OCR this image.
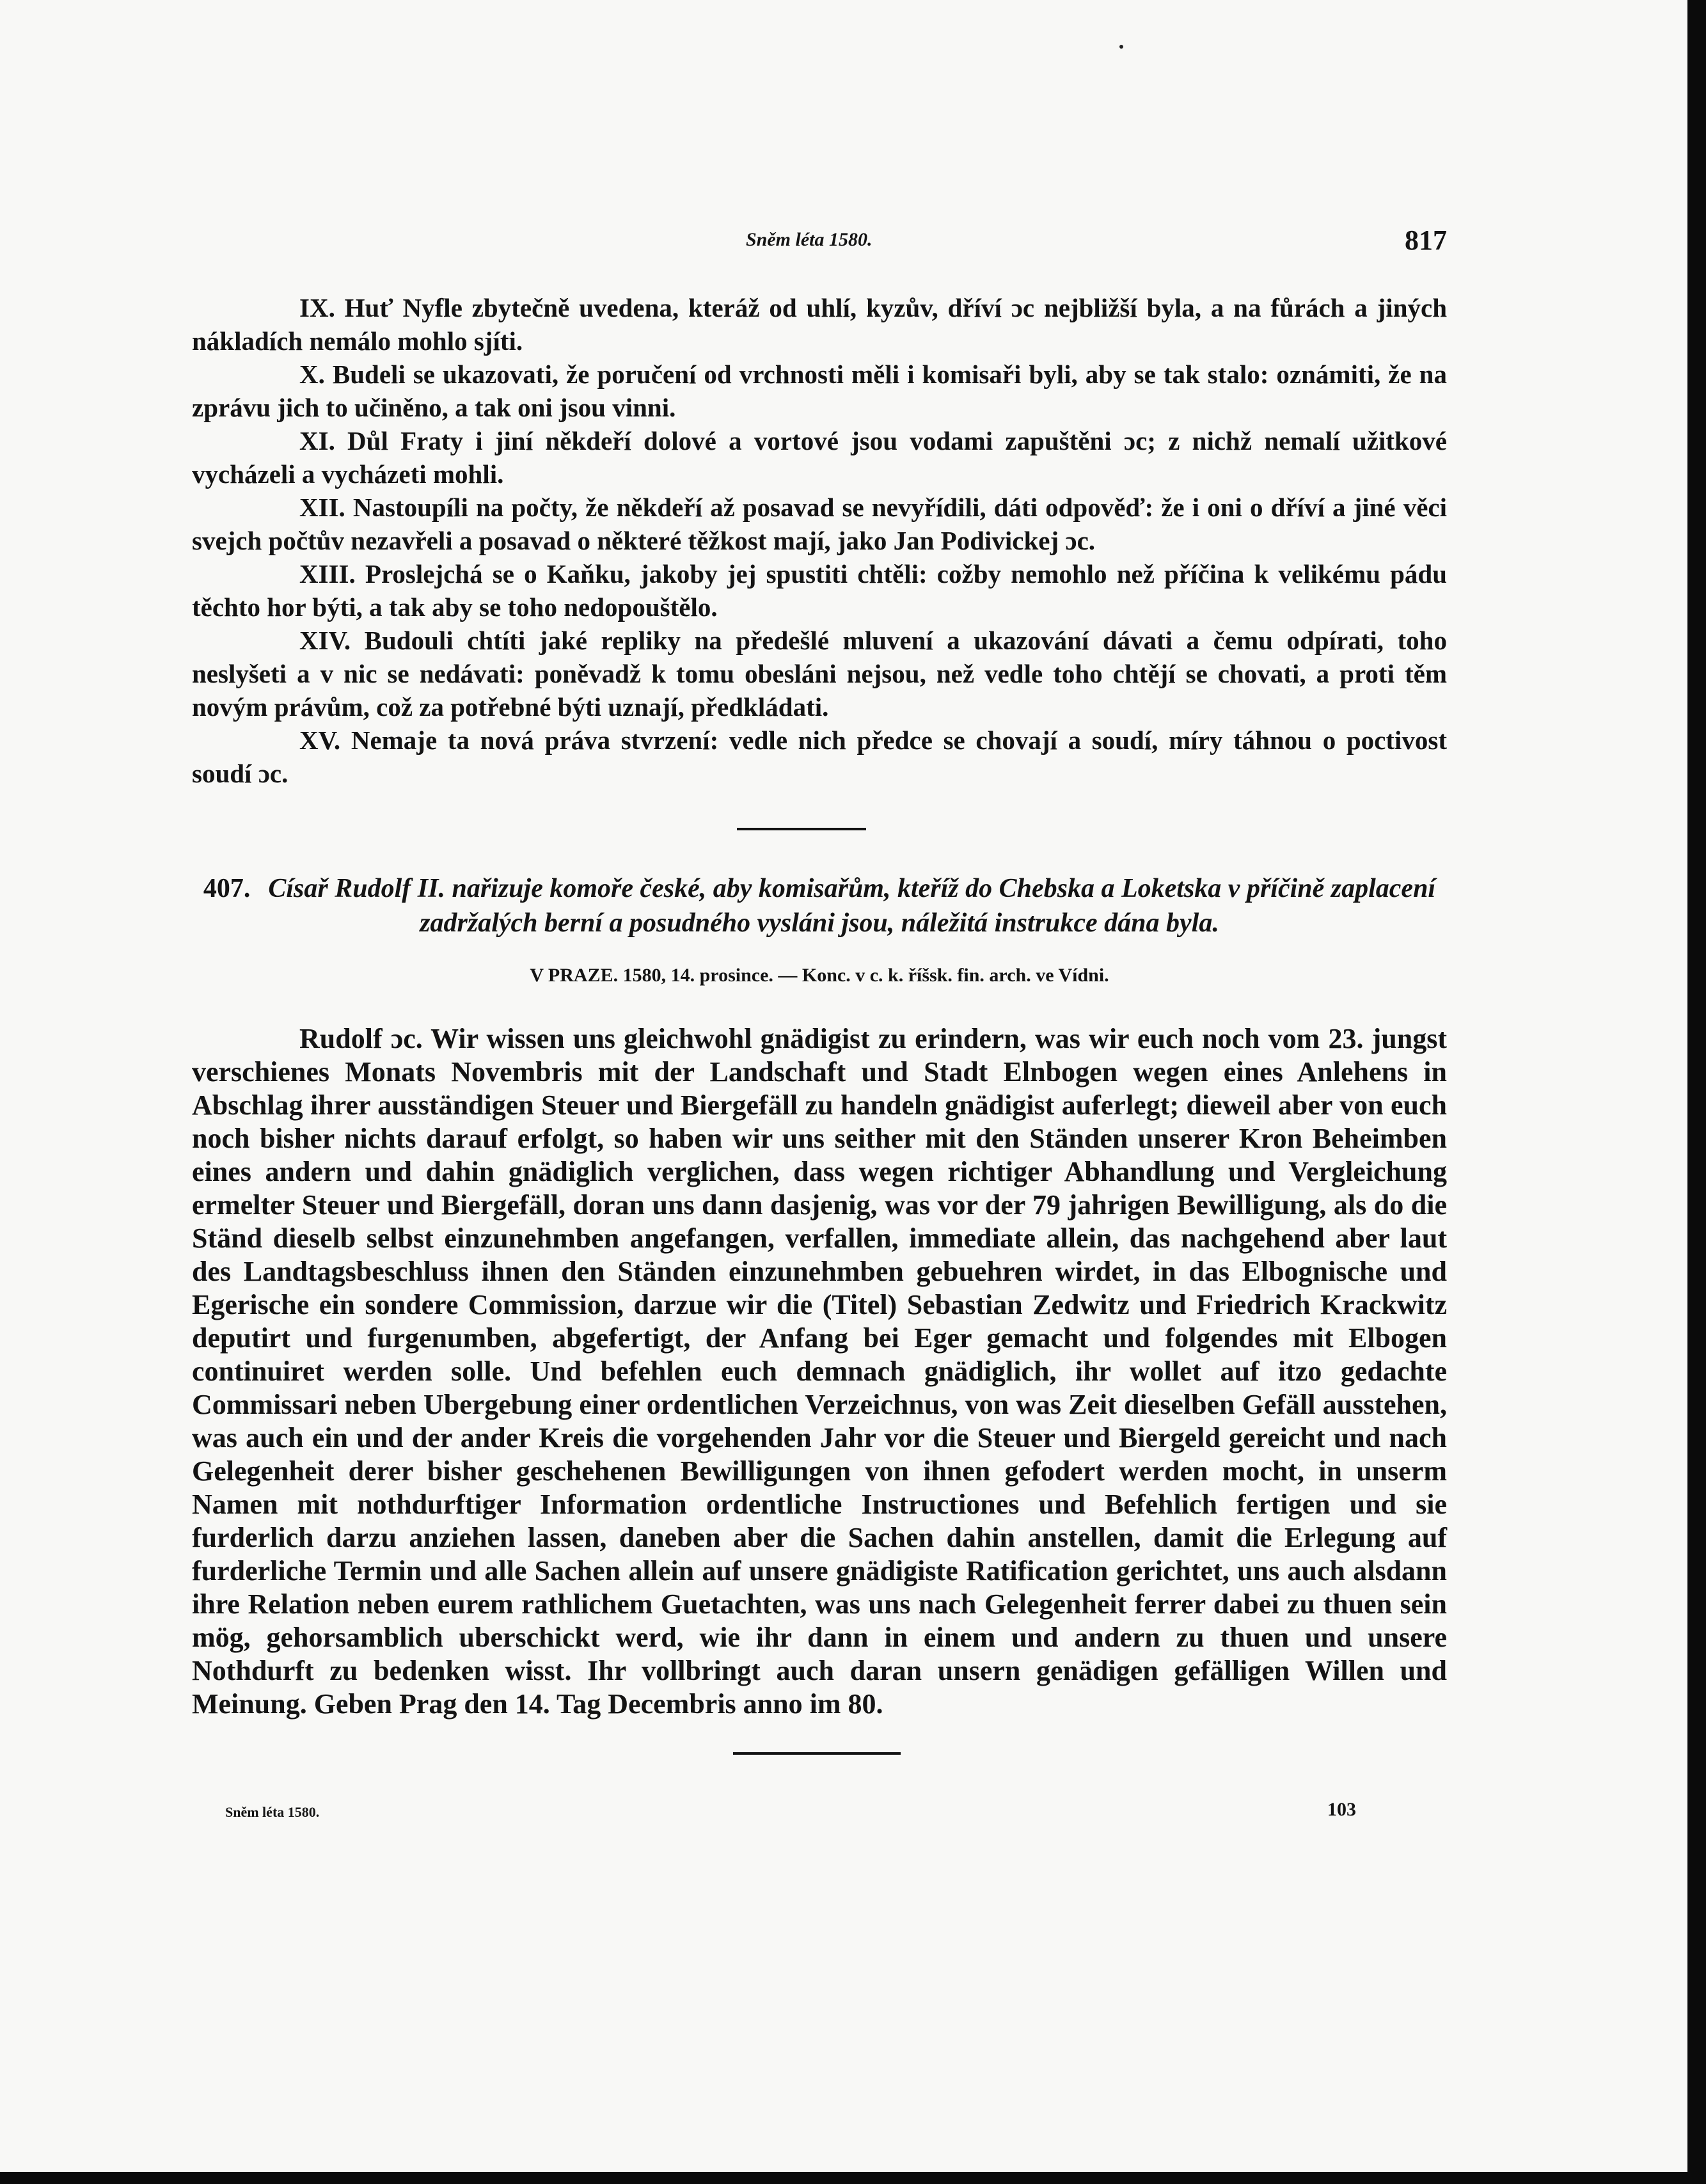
Sněm léta 1580.	817

IX. Huť Nyfle zbytečně uvedena, kteráž od uhlí, kyzův, dříví ɔc nejbližší byla, a na fůrách a jiných nákladích nemálo mohlo sjíti.

X. Budeli se ukazovati, že poručení od vrchnosti měli i komisaři byli, aby se tak stalo: oznámiti, že na zprávu jich to učiněno, a tak oni jsou vinni.

XI. Důl Fraty i jiní někdeří dolové a vortové jsou vodami zapuštěni ɔc; z nichž nemalí užitkové vycházeli a vycházeti mohli.

XII. Nastoupíli na počty, že někdeří až posavad se nevyřídili, dáti odpověď: že i oni o dříví a jiné věci svejch počtův nezavřeli a posavad o některé těžkost mají, jako Jan Podivickej ɔc.

XIII. Proslejchá se o Kaňku, jakoby jej spustiti chtěli: cožby nemohlo než příčina k velikému pádu těchto hor býti, a tak aby se toho nedopouštělo.

XIV. Budouli chtíti jaké repliky na předešlé mluvení a ukazování dávati a čemu odpírati, toho neslyšeti a v nic se nedávati: poněvadž k tomu obesláni nejsou, než vedle toho chtějí se chovati, a proti těm novým právům, což za potřebné býti uznají, předkládati.

XV. Nemaje ta nová práva stvrzení: vedle nich předce se chovají a soudí, míry táhnou o poctivost soudí ɔc.

407. Císař Rudolf II. nařizuje komoře české, aby komisařům, kteříž do Chebska a Loketska v příčině zaplacení zadržalých berní a posudného vysláni jsou, náležitá instrukce dána byla.
V PRAZE. 1580, 14. prosince. — Konc. v c. k. říšsk. fin. arch. ve Vídni.

Rudolf ɔc. Wir wissen uns gleichwohl gnädigist zu erindern, was wir euch noch vom 23. jungst verschienes Monats Novembris mit der Landschaft und Stadt Elnbogen wegen eines Anlehens in Abschlag ihrer ausständigen Steuer und Biergefäll zu handeln gnädigist auferlegt; dieweil aber von euch noch bisher nichts darauf erfolgt, so haben wir uns seither mit den Ständen unserer Kron Beheimben eines andern und dahin gnädiglich verglichen, dass wegen richtiger Abhandlung und Vergleichung ermelter Steuer und Biergefäll, doran uns dann dasjenig, was vor der 79 jahrigen Bewilligung, als do die Ständ dieselb selbst einzunehmben angefangen, verfallen, immediate allein, das nachgehend aber laut des Landtagsbeschluss ihnen den Ständen einzunehmben gebuehren wirdet, in das Elbognische und Egerische ein sondere Commission, darzue wir die (Titel) Sebastian Zedwitz und Friedrich Krackwitz deputirt und furgenumben, abgefertigt, der Anfang bei Eger gemacht und folgendes mit Elbogen continuiret werden solle. Und befehlen euch demnach gnädiglich, ihr wollet auf itzo gedachte Commissari neben Ubergebung einer ordentlichen Verzeichnus, von was Zeit dieselben Gefäll ausstehen, was auch ein und der ander Kreis die vorgehenden Jahr vor die Steuer und Biergeld gereicht und nach Gelegenheit derer bisher geschehenen Bewilligungen von ihnen gefodert werden mocht, in unserm Namen mit nothdurftiger Information ordentliche Instructiones und Befehlich fertigen und sie furderlich darzu anziehen lassen, daneben aber die Sachen dahin anstellen, damit die Erlegung auf furderliche Termin und alle Sachen allein auf unsere gnädigiste Ratification gerichtet, uns auch alsdann ihre Relation neben eurem rathlichem Guetachten, was uns nach Gelegenheit ferrer dabei zu thuen sein mög, gehorsamblich uberschickt werd, wie ihr dann in einem und andern zu thuen und unsere Nothdurft zu bedenken wisst. Ihr vollbringt auch daran unsern genädigen gefälligen Willen und Meinung. Geben Prag den 14. Tag Decembris anno im 80.

Sněm léta 1580.	103
